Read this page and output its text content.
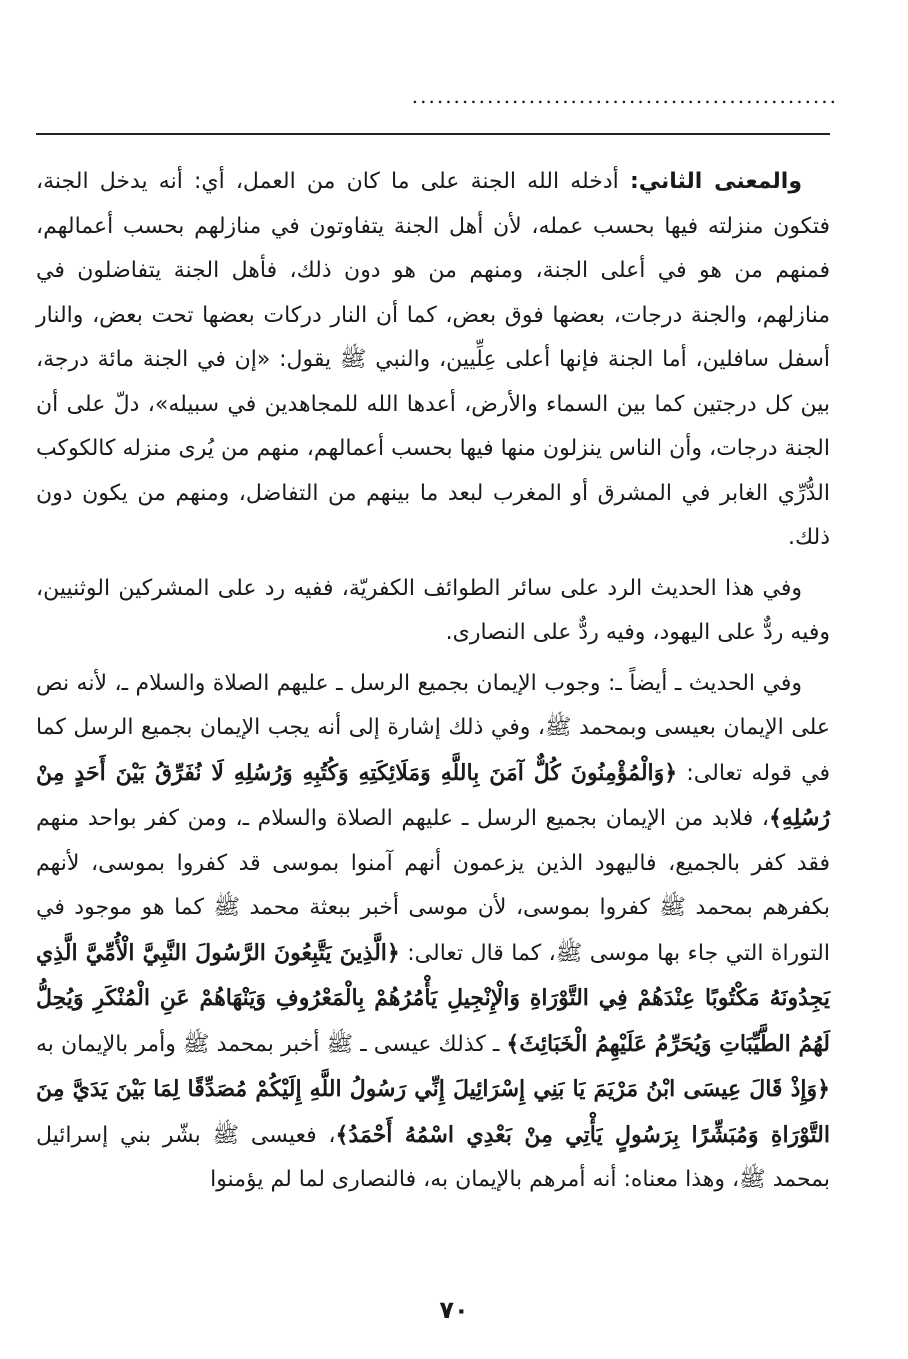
...................................................

والمعنى الثاني: أدخله الله الجنة على ما كان من العمل، أي: أنه يدخل الجنة، فتكون منزلته فيها بحسب عمله، لأن أهل الجنة يتفاوتون في منازلهم بحسب أعمالهم، فمنهم من هو في أعلى الجنة، ومنهم من هو دون ذلك، فأهل الجنة يتفاضلون في منازلهم، والجنة درجات، بعضها فوق بعض، كما أن النار دركات بعضها تحت بعض، والنار أسفل سافلين، أما الجنة فإنها أعلى عِلِّيين، والنبي ﷺ يقول: «إن في الجنة مائة درجة، بين كل درجتين كما بين السماء والأرض، أعدها الله للمجاهدين في سبيله»، دلّ على أن الجنة درجات، وأن الناس ينزلون منها فيها بحسب أعمالهم، منهم من يُرى منزله كالكوكب الدُّرِّي الغابر في المشرق أو المغرب لبعد ما بينهم من التفاضل، ومنهم من يكون دون ذلك.

وفي هذا الحديث الرد على سائر الطوائف الكفريّة، ففيه رد على المشركين الوثنيين، وفيه ردٌّ على اليهود، وفيه ردٌّ على النصارى.

وفي الحديث ـ أيضاً ـ: وجوب الإيمان بجميع الرسل ـ عليهم الصلاة والسلام ـ، لأنه نص على الإيمان بعيسى وبمحمد ﷺ، وفي ذلك إشارة إلى أنه يجب الإيمان بجميع الرسل كما في قوله تعالى: ﴿وَالْمُؤْمِنُونَ كُلٌّ آمَنَ بِاللَّهِ وَمَلَائِكَتِهِ وَكُتُبِهِ وَرُسُلِهِ لَا نُفَرِّقُ بَيْنَ أَحَدٍ مِنْ رُسُلِهِ﴾، فلابد من الإيمان بجميع الرسل ـ عليهم الصلاة والسلام ـ، ومن كفر بواحد منهم فقد كفر بالجميع، فاليهود الذين يزعمون أنهم آمنوا بموسى قد كفروا بموسى، لأنهم بكفرهم بمحمد ﷺ كفروا بموسى، لأن موسى أخبر ببعثة محمد ﷺ كما هو موجود في التوراة التي جاء بها موسى ﷺ، كما قال تعالى: ﴿الَّذِينَ يَتَّبِعُونَ الرَّسُولَ النَّبِيَّ الْأُمِّيَّ الَّذِي يَجِدُونَهُ مَكْتُوبًا عِنْدَهُمْ فِي التَّوْرَاةِ وَالْإِنْجِيلِ يَأْمُرُهُمْ بِالْمَعْرُوفِ وَيَنْهَاهُمْ عَنِ الْمُنْكَرِ وَيُحِلُّ لَهُمُ الطَّيِّبَاتِ وَيُحَرِّمُ عَلَيْهِمُ الْخَبَائِثَ﴾ ـ كذلك عيسى ـ ﷺ أخبر بمحمد ﷺ وأمر بالإيمان به ﴿وَإِذْ قَالَ عِيسَى ابْنُ مَرْيَمَ يَا بَنِي إِسْرَائِيلَ إِنِّي رَسُولُ اللَّهِ إِلَيْكُمْ مُصَدِّقًا لِمَا بَيْنَ يَدَيَّ مِنَ التَّوْرَاةِ وَمُبَشِّرًا بِرَسُولٍ يَأْتِي مِنْ بَعْدِي اسْمُهُ أَحْمَدُ﴾، فعيسى ﷺ بشّر بني إسرائيل بمحمد ﷺ، وهذا معناه: أنه أمرهم بالإيمان به، فالنصارى لما لم يؤمنوا

٧٠
